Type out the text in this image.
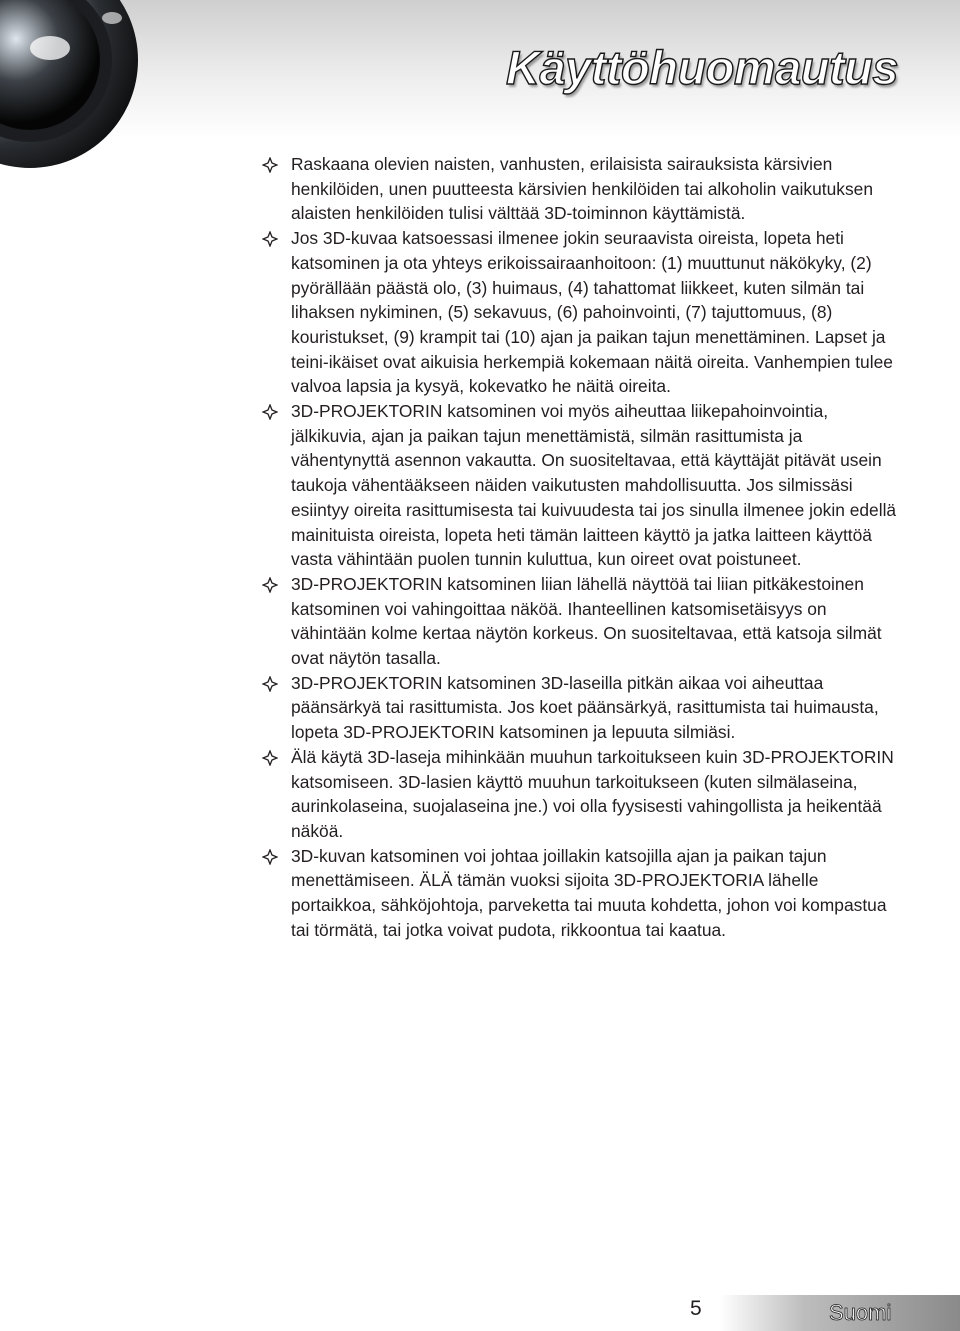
Käyttöhuomautus
Raskaana olevien naisten, vanhusten, erilaisista sairauksista kärsivien henkilöiden, unen puutteesta kärsivien henkilöiden tai alkoholin vaikutuksen alaisten henkilöiden tulisi välttää 3D-toiminnon käyttämistä.
Jos 3D-kuvaa katsoessasi ilmenee jokin seuraavista oireista, lopeta heti katsominen ja ota yhteys erikoissairaanhoitoon: (1) muuttunut näkökyky, (2) pyörällään päästä olo, (3) huimaus, (4) tahattomat liikkeet, kuten silmän tai lihaksen nykiminen, (5) sekavuus, (6) pahoinvointi, (7) tajuttomuus, (8) kouristukset, (9) krampit tai (10) ajan ja paikan tajun menettäminen. Lapset ja teini-ikäiset ovat aikuisia herkempiä kokemaan näitä oireita. Vanhempien tulee valvoa lapsia ja kysyä, kokevatko he näitä oireita.
3D-PROJEKTORIN katsominen voi myös aiheuttaa liikepahoinvointia, jälkikuvia, ajan ja paikan tajun menettämistä, silmän rasittumista ja vähentynyttä asennon vakautta. On suositeltavaa, että käyttäjät pitävät usein taukoja vähentääkseen näiden vaikutusten mahdollisuutta. Jos silmissäsi esiintyy oireita rasittumisesta tai kuivuudesta tai jos sinulla ilmenee jokin edellä mainituista oireista, lopeta heti tämän laitteen käyttö ja jatka laitteen käyttöä vasta vähintään puolen tunnin kuluttua, kun oireet ovat poistuneet.
3D-PROJEKTORIN katsominen liian lähellä näyttöä tai liian pitkäkestoinen katsominen voi vahingoittaa näköä. Ihanteellinen katsomisetäisyys on vähintään kolme kertaa näytön korkeus. On suositeltavaa, että katsoja silmät ovat näytön tasalla.
3D-PROJEKTORIN katsominen 3D-laseilla pitkän aikaa voi aiheuttaa päänsärkyä tai rasittumista. Jos koet päänsärkyä, rasittumista tai huimausta, lopeta 3D-PROJEKTORIN katsominen ja lepuuta silmiäsi.
Älä käytä 3D-laseja mihinkään muuhun tarkoitukseen kuin 3D-PROJEKTORIN katsomiseen. 3D-lasien käyttö muuhun tarkoitukseen (kuten silmälaseina, aurinkolaseina, suojalaseina jne.) voi olla fyysisesti vahingollista ja heikentää näköä.
3D-kuvan katsominen voi johtaa joillakin katsojilla ajan ja paikan tajun menettämiseen. ÄLÄ tämän vuoksi sijoita 3D-PROJEKTORIA lähelle portaikkoa, sähköjohtoja, parveketta tai muuta kohdetta, johon voi kompastua tai törmätä, tai jotka voivat pudota, rikkoontua tai kaatua.
5	Suomi
